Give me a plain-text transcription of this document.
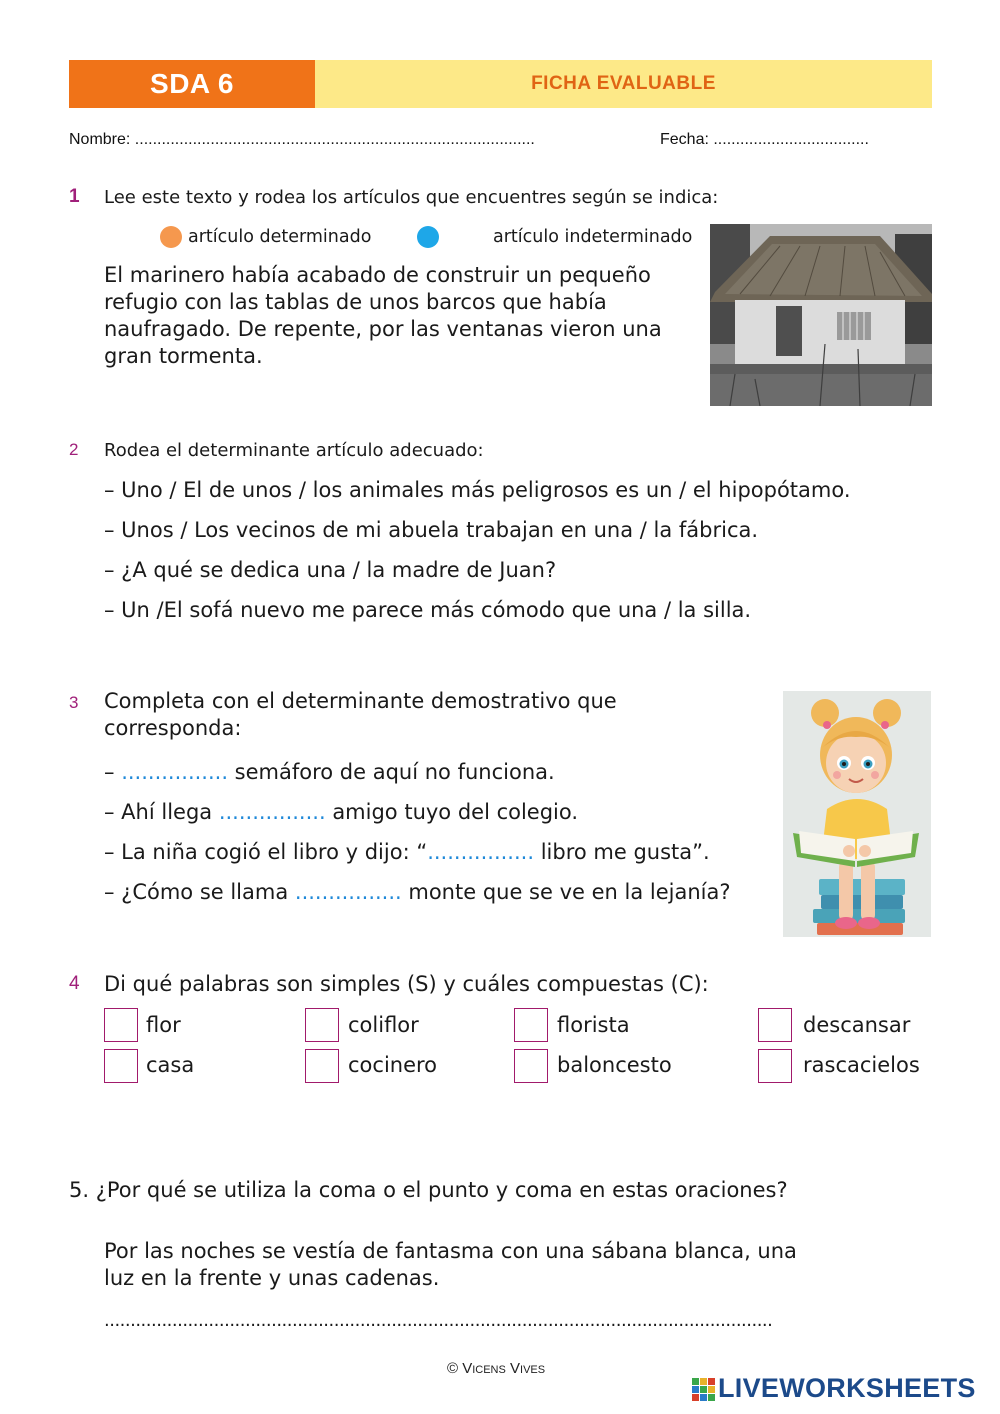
SDA 6	FICHA EVALUABLE
Nombre: ..........................................................................................	Fecha: ...................................
1 Lee este texto y rodea los artículos que encuentres según se indica:
artículo determinado	artículo indeterminado
El marinero había acabado de construir un pequeño
refugio con las tablas de unos barcos que había
naufragado. De repente, por las ventanas vieron una
gran tormenta.
2 Rodea el determinante artículo adecuado:
– Uno / El de unos / los animales más peligrosos es un / el hipopótamo.
– Unos / Los vecinos de mi abuela trabajan en una / la fábrica.
– ¿A qué se dedica una / la madre de Juan?
– Un /El sofá nuevo me parece más cómodo que una / la silla.
3 Completa con el determinante demostrativo que
corresponda:
– ................ semáforo de aquí no funciona.
– Ahí llega ................ amigo tuyo del colegio.
– La niña cogió el libro y dijo: “................ libro me gusta”.
– ¿Cómo se llama ................ monte que se ve en la lejanía?
4 Di qué palabras son simples (S) y cuáles compuestas (C):
flor	coliflor	florista	descansar
casa	cocinero	baloncesto	rascacielos
5. ¿Por qué se utiliza la coma o el punto y coma en estas oraciones?
Por las noches se vestía de fantasma con una sábana blanca, una
luz en la frente y unas cadenas.
................................................................................................................................
© Vicens Vives
LIVEWORKSHEETS
